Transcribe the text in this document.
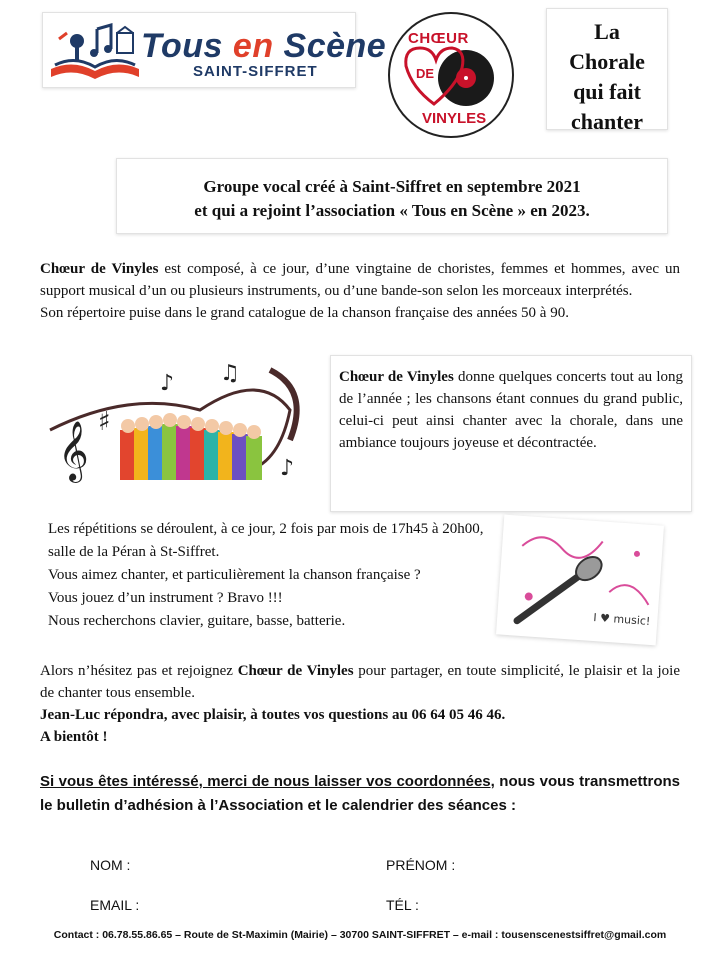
Tous en Scène
SAINT-SIFFRET
CHŒUR
DE
VINYLES
La
Chorale
qui fait
chanter

Groupe vocal créé à Saint-Siffret en septembre 2021

et qui a rejoint l’association « Tous en Scène » en 2023.

Chœur de Vinyles est composé, à ce jour, d’une vingtaine de choristes, femmes et hommes, avec un support musical d’un ou plusieurs instruments, ou d’une bande-son selon les morceaux interprétés.
Son répertoire puise dans le grand catalogue de la chanson française des années 50 à 90.
𝄞 ♯
♪ ♫
♪
Chœur de Vinyles donne quelques concerts tout au long de l’année ; les chansons étant connues du grand public, celui-ci peut ainsi chanter avec la chorale, dans une ambiance toujours joyeuse et décontractée.
Les répétitions se déroulent, à ce jour, 2 fois par mois de 17h45 à 20h00,
salle de la Péran à St-Siffret.
Vous aimez chanter, et particulièrement la chanson française ?
Vous jouez d’un instrument ? Bravo !!!
Nous recherchons clavier, guitare, basse, batterie.	I ♥ music!
Alors n’hésitez pas et rejoignez Chœur de Vinyles pour partager, en toute simplicité, le plaisir et la joie de chanter tous ensemble.
Jean-Luc répondra, avec plaisir, à toutes vos questions au 06 64 05 46 46.
A bientôt !
Si vous êtes intéressé, merci de nous laisser vos coordonnées, nous vous transmettrons le bulletin d’adhésion à l’Association et le calendrier des séances :
NOM :	PRÉNOM :
EMAIL :	TÉL :
Contact : 06.78.55.86.65 – Route de St-Maximin (Mairie) – 30700 SAINT-SIFFRET – e-mail : tousenscenestsiffret@gmail.com
